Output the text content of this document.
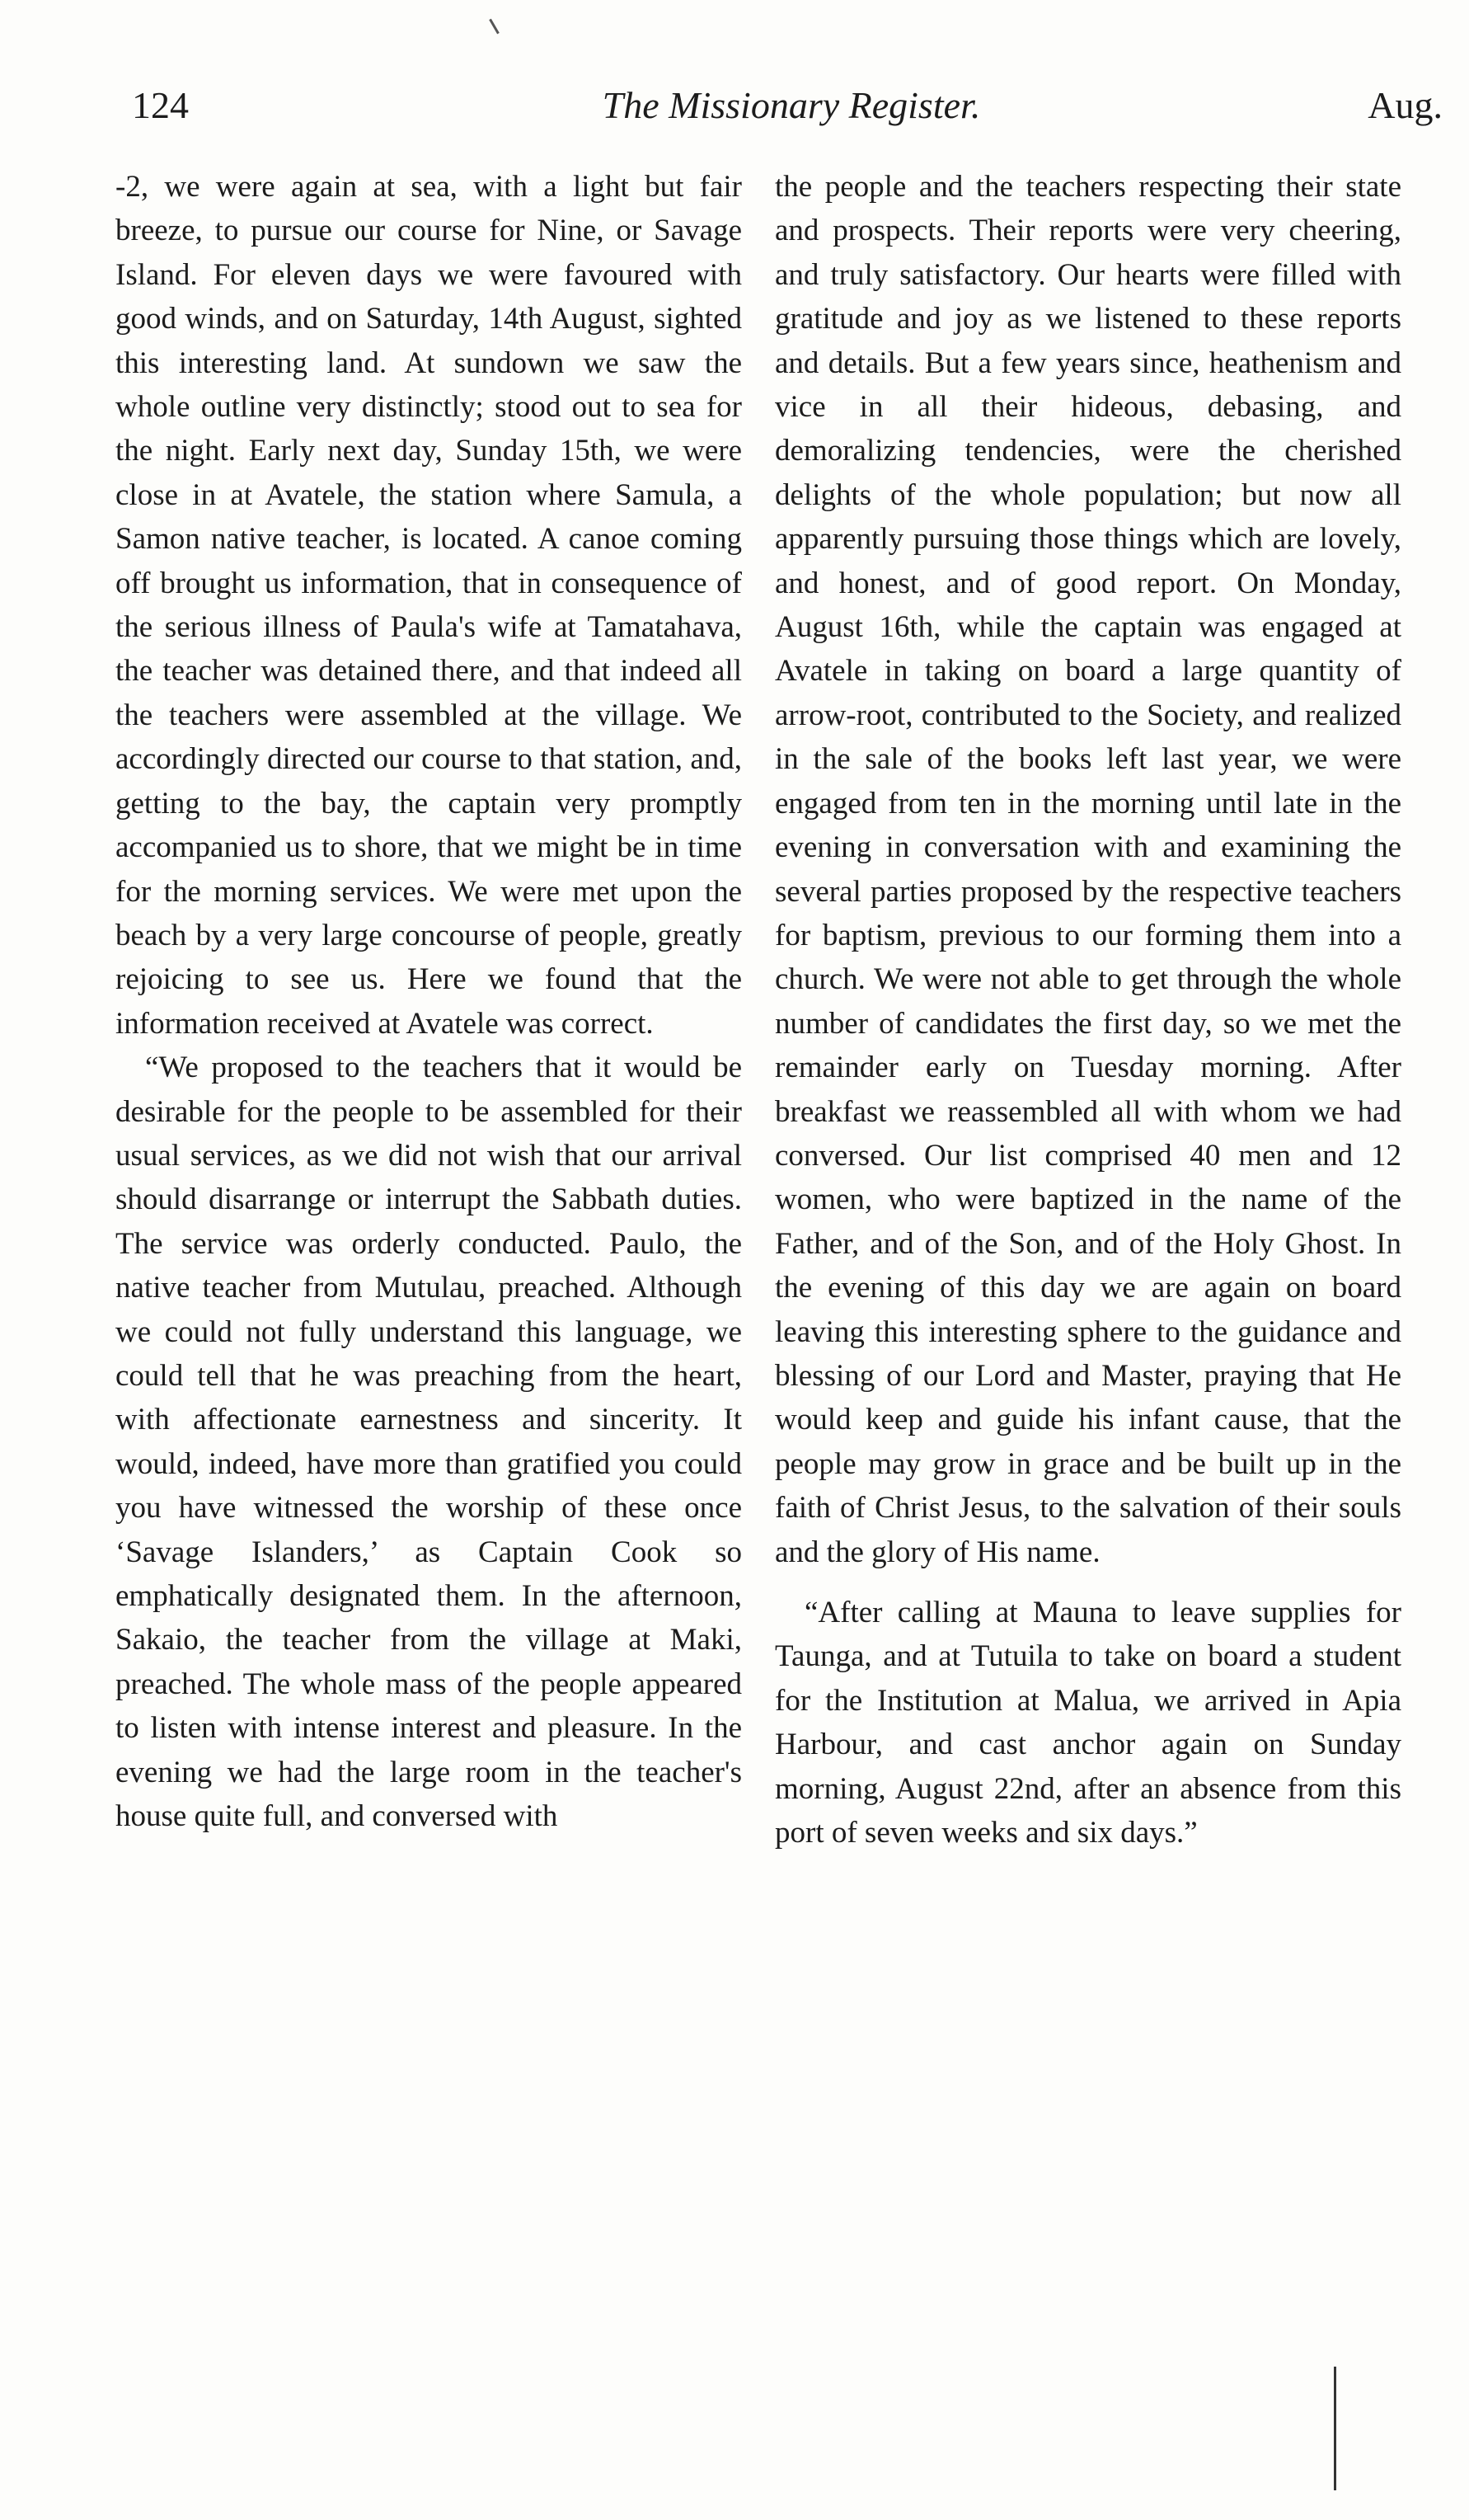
124	The Missionary Register.	Aug.

-2, we were again at sea, with a light but fair breeze, to pursue our course for Nine, or Savage Island. For eleven days we were favoured with good winds, and on Saturday, 14th August, sighted this interesting land. At sundown we saw the whole outline very distinctly; stood out to sea for the night. Early next day, Sunday 15th, we were close in at Avatele, the station where Samula, a Samon native teacher, is located. A canoe coming off brought us information, that in consequence of the serious illness of Paula's wife at Tamatahava, the teacher was detained there, and that indeed all the teachers were assembled at the village. We accordingly directed our course to that station, and, getting to the bay, the captain very promptly accompanied us to shore, that we might be in time for the morning services. We were met upon the beach by a very large concourse of people, greatly rejoicing to see us. Here we found that the information received at Avatele was correct.

“We proposed to the teachers that it would be desirable for the people to be assembled for their usual services, as we did not wish that our arrival should disarrange or interrupt the Sabbath duties. The service was orderly conducted. Paulo, the native teacher from Mutulau, preached. Although we could not fully understand this language, we could tell that he was preaching from the heart, with affectionate earnestness and sincerity. It would, indeed, have more than gratified you could you have witnessed the worship of these once ‘Savage Islanders,’ as Captain Cook so emphatically designated them. In the afternoon, Sakaio, the teacher from the village at Maki, preached. The whole mass of the people appeared to listen with intense interest and pleasure. In the evening we had the large room in the teacher's house quite full, and conversed with

the people and the teachers respecting their state and prospects. Their reports were very cheering, and truly satisfactory. Our hearts were filled with gratitude and joy as we listened to these reports and details. But a few years since, heathenism and vice in all their hideous, debasing, and demoralizing tendencies, were the cherished delights of the whole population; but now all apparently pursuing those things which are lovely, and honest, and of good report. On Monday, August 16th, while the captain was engaged at Avatele in taking on board a large quantity of arrow-root, contributed to the Society, and realized in the sale of the books left last year, we were engaged from ten in the morning until late in the evening in conversation with and examining the several parties proposed by the respective teachers for baptism, previous to our forming them into a church. We were not able to get through the whole number of candidates the first day, so we met the remainder early on Tuesday morning. After breakfast we reassembled all with whom we had conversed. Our list comprised 40 men and 12 women, who were baptized in the name of the Father, and of the Son, and of the Holy Ghost. In the evening of this day we are again on board leaving this interesting sphere to the guidance and blessing of our Lord and Master, praying that He would keep and guide his infant cause, that the people may grow in grace and be built up in the faith of Christ Jesus, to the salvation of their souls and the glory of His name.

“After calling at Mauna to leave supplies for Taunga, and at Tutuila to take on board a student for the Institution at Malua, we arrived in Apia Harbour, and cast anchor again on Sunday morning, August 22nd, after an absence from this port of seven weeks and six days.”
